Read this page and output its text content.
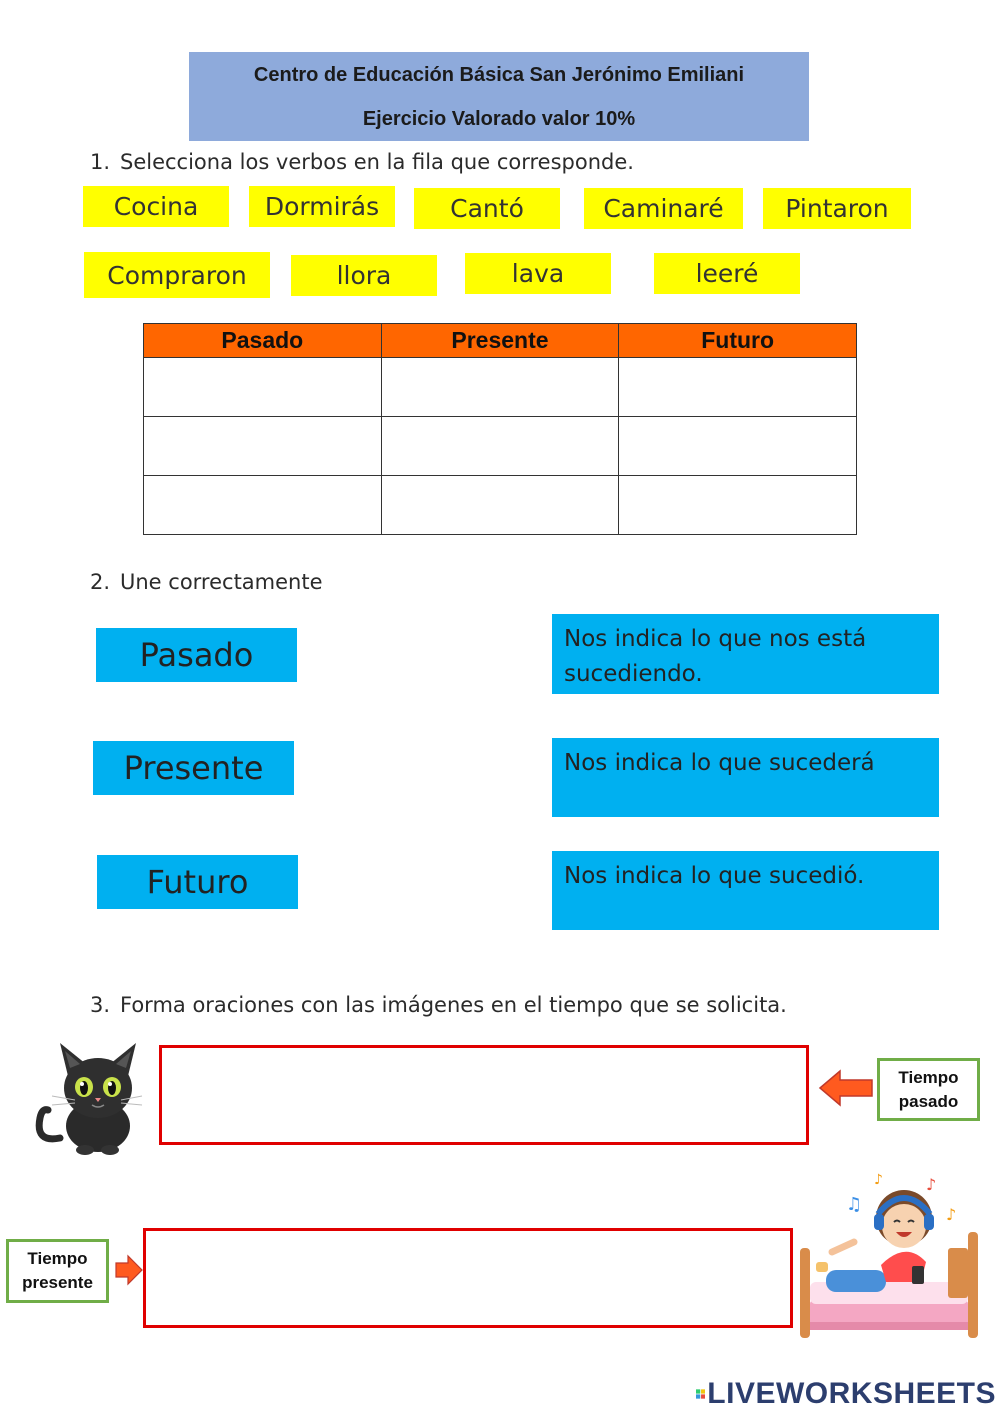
Centro de Educación Básica San Jerónimo Emiliani
Ejercicio Valorado valor 10%
1. Selecciona los verbos en la fila que corresponde.
Cocina	Dormirás	Cantó	Caminaré	Pintaron
Compraron	llora	lava	leeré
Pasado	Presente	Futuro

2. Une correctamente
Pasado
Presente
Futuro
Nos indica lo que nos está sucediendo.
Nos indica lo que sucederá
Nos indica lo que sucedió.
3. Forma oraciones con las imágenes en el tiempo que se solicita.
Tiempo pasado
Tiempo presente
♫
♪
♪
♪
LIVEWORKSHEETS
